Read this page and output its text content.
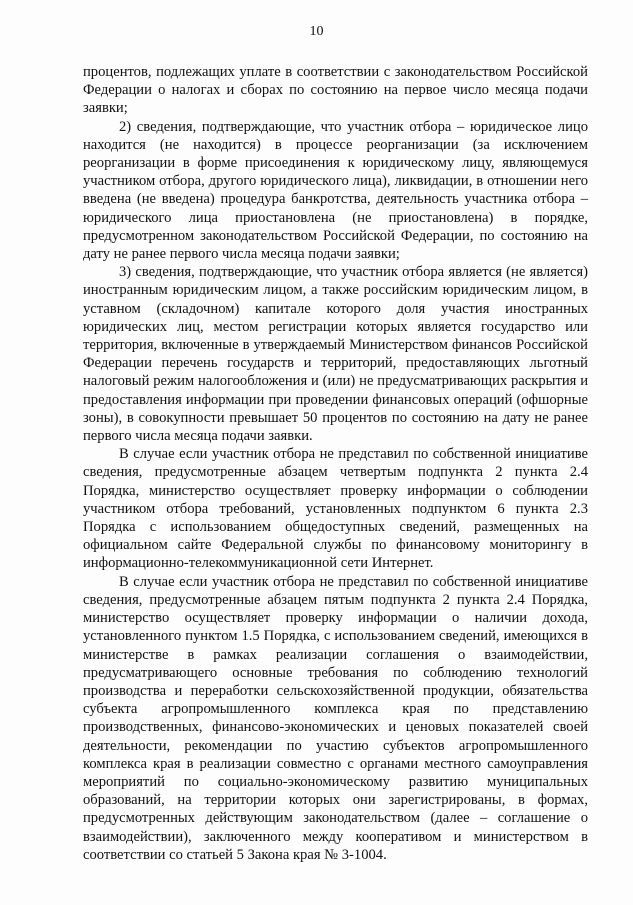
10

процентов, подлежащих уплате в соответствии с законодательством Российской Федерации о налогах и сборах по состоянию на первое число месяца подачи заявки;

2) сведения, подтверждающие, что участник отбора – юридическое лицо находится (не находится) в процессе реорганизации (за исключением реорганизации в форме присоединения к юридическому лицу, являющемуся участником отбора, другого юридического лица), ликвидации, в отношении него введена (не введена) процедура банкротства, деятельность участника отбора – юридического лица приостановлена (не приостановлена) в порядке, предусмотренном законодательством Российской Федерации, по состоянию на дату не ранее первого числа месяца подачи заявки;

3) сведения, подтверждающие, что участник отбора является (не является) иностранным юридическим лицом, а также российским юридическим лицом, в уставном (складочном) капитале которого доля участия иностранных юридических лиц, местом регистрации которых является государство или территория, включенные в утверждаемый Министерством финансов Российской Федерации перечень государств и территорий, предоставляющих льготный налоговый режим налогообложения и (или) не предусматривающих раскрытия и предоставления информации при проведении финансовых операций (офшорные зоны), в совокупности превышает 50 процентов по состоянию на дату не ранее первого числа месяца подачи заявки.

В случае если участник отбора не представил по собственной инициативе сведения, предусмотренные абзацем четвертым подпункта 2 пункта 2.4 Порядка, министерство осуществляет проверку информации о соблюдении участником отбора требований, установленных подпунктом 6 пункта 2.3 Порядка с использованием общедоступных сведений, размещенных на официальном сайте Федеральной службы по финансовому мониторингу в информационно-телекоммуникационной сети Интернет.

В случае если участник отбора не представил по собственной инициативе сведения, предусмотренные абзацем пятым подпункта 2 пункта 2.4 Порядка, министерство осуществляет проверку информации о наличии дохода, установленного пунктом 1.5 Порядка, с использованием сведений, имеющихся в министерстве в рамках реализации соглашения о взаимодействии, предусматривающего основные требования по соблюдению технологий производства и переработки сельскохозяйственной продукции, обязательства субъекта агропромышленного комплекса края по представлению производственных, финансово-экономических и ценовых показателей своей деятельности, рекомендации по участию субъектов агропромышленного комплекса края в реализации совместно с органами местного самоуправления мероприятий по социально-экономическому развитию муниципальных образований, на территории которых они зарегистрированы, в формах, предусмотренных действующим законодательством (далее – соглашение о взаимодействии), заключенного между кооперативом и министерством в соответствии со статьей 5 Закона края № 3-1004.
